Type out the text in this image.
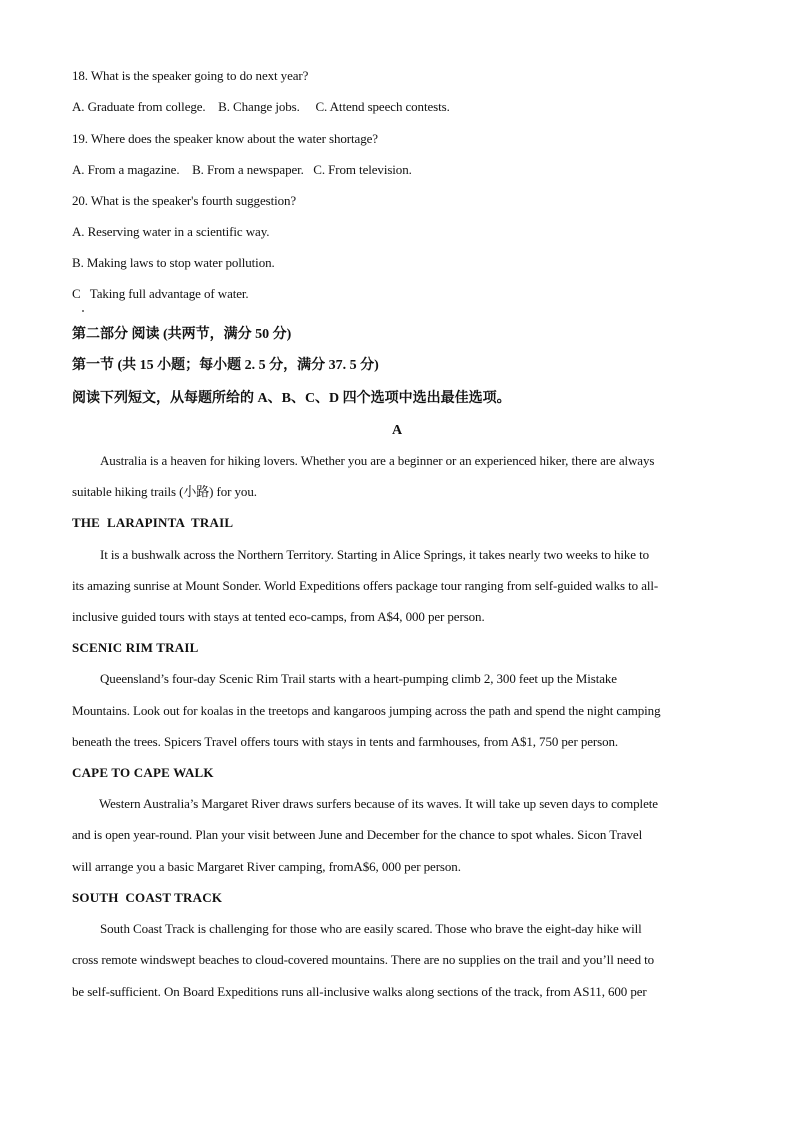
18. What is the speaker going to do next year?
A. Graduate from college.    B. Change jobs.     C. Attend speech contests.
19. Where does the speaker know about the water shortage?
A. From a magazine.    B. From a newspaper.   C. From television.
20. What is the speaker's fourth suggestion?
A. Reserving water in a scientific way.
B. Making laws to stop water pollution.
C   Taking full advantage of water.
第二部分 阅读 (共两节，满分 50 分)
第一节 (共 15 小题；每小题 2. 5 分，满分 37. 5 分)
阅读下列短文，从每题所给的 A、B、C、D 四个选项中选出最佳选项。
A
Australia is a heaven for hiking lovers. Whether you are a beginner or an experienced hiker, there are always
suitable hiking trails (小路) for you.
THE  LARAPINTA  TRAIL
It is a bushwalk across the Northern Territory. Starting in Alice Springs, it takes nearly two weeks to hike to
its amazing sunrise at Mount Sonder. World Expeditions offers package tour ranging from self-guided walks to all-
inclusive guided tours with stays at tented eco-camps, from A$4, 000 per person.
SCENIC RIM TRAIL
Queensland’s four-day Scenic Rim Trail starts with a heart-pumping climb 2, 300 feet up the Mistake
Mountains. Look out for koalas in the treetops and kangaroos jumping across the path and spend the night camping
beneath the trees. Spicers Travel offers tours with stays in tents and farmhouses, from A$1, 750 per person.
CAPE TO CAPE WALK
Western Australia’s Margaret River draws surfers because of its waves. It will take up seven days to complete
and is open year-round. Plan your visit between June and December for the chance to spot whales. Sicon Travel
will arrange you a basic Margaret River camping, fromA$6, 000 per person.
SOUTH  COAST TRACK
South Coast Track is challenging for those who are easily scared. Those who brave the eight-day hike will
cross remote windswept beaches to cloud-covered mountains. There are no supplies on the trail and you’ll need to
be self-sufficient. On Board Expeditions runs all-inclusive walks along sections of the track, from AS11, 600 per
